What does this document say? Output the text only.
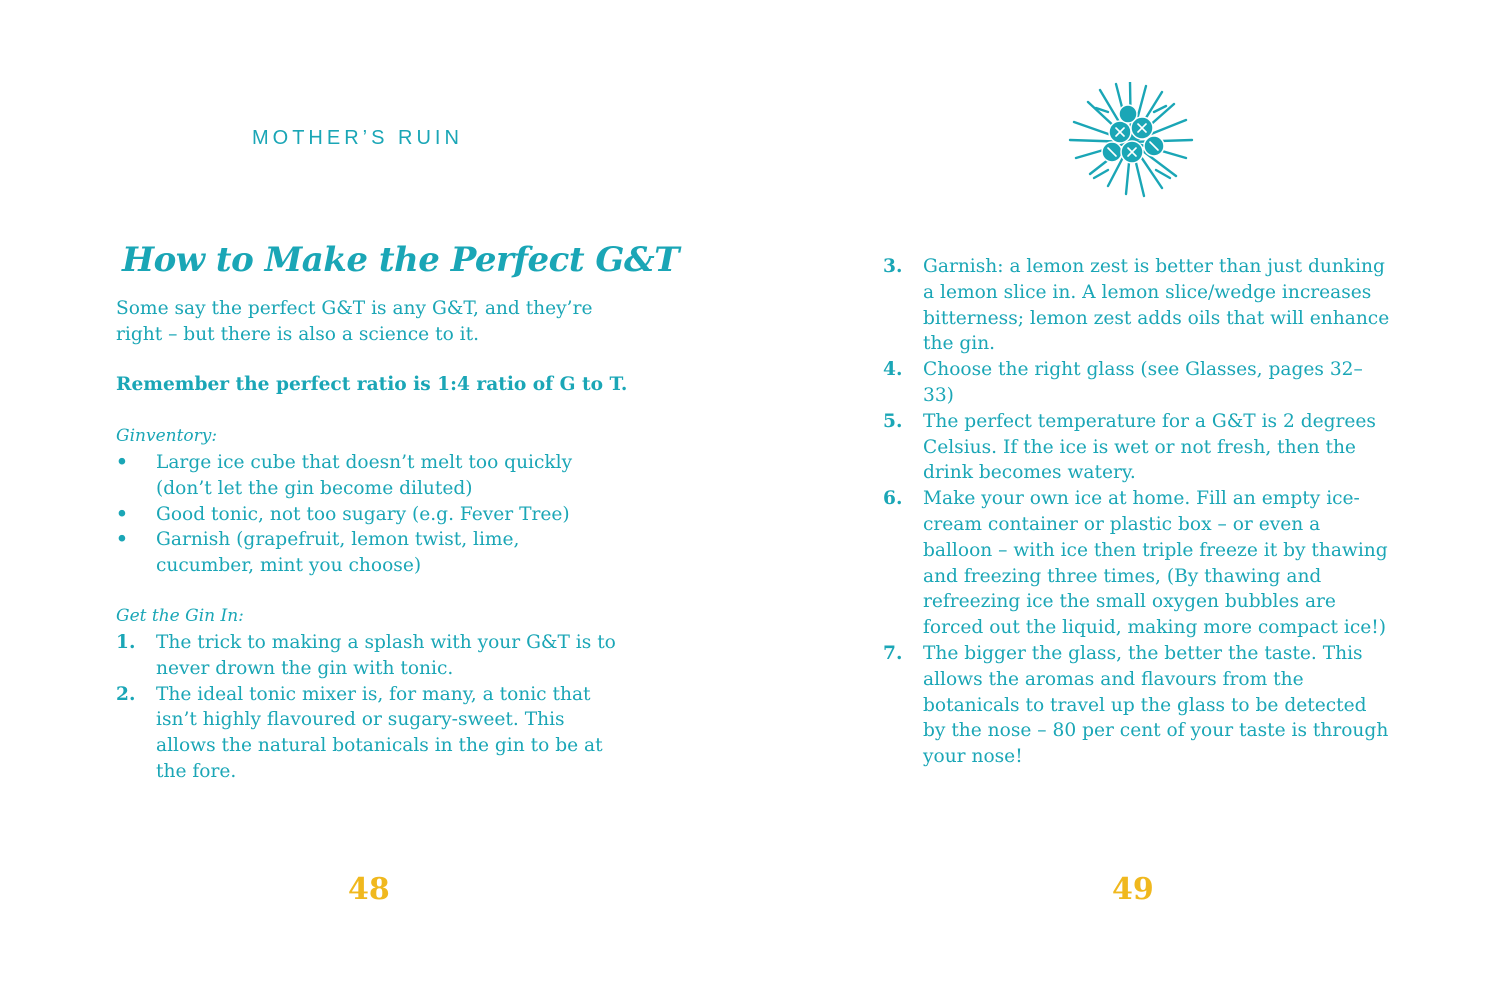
MOTHER’S RUIN
How to Make the Perfect G&T

Some say the perfect G&T is any G&T, and they’re right – but there is also a science to it.

Remember the perfect ratio is 1:4 ratio of G to T.

Ginventory:

• Large ice cube that doesn’t melt too quickly (don’t let the gin become diluted)
• Good tonic, not too sugary (e.g. Fever Tree)
• Garnish (grapefruit, lemon twist, lime, cucumber, mint you choose)

Get the Gin In:

1. The trick to making a splash with your G&T is to never drown the gin with tonic.
2. The ideal tonic mixer is, for many, a tonic that isn’t highly flavoured or sugary-sweet. This allows the natural botanicals in the gin to be at the fore.

48

3. Garnish: a lemon zest is better than just dunking a lemon slice in. A lemon slice/wedge increases bitterness; lemon zest adds oils that will enhance the gin.
4. Choose the right glass (see Glasses, pages 32–33)
5. The perfect temperature for a G&T is 2 degrees Celsius. If the ice is wet or not fresh, then the drink becomes watery.
6. Make your own ice at home. Fill an empty ice-cream container or plastic box – or even a balloon – with ice then triple freeze it by thawing and freezing three times, (By thawing and refreezing ice the small oxygen bubbles are forced out the liquid, making more compact ice!)
7. The bigger the glass, the better the taste. This allows the aromas and flavours from the botanicals to travel up the glass to be detected by the nose – 80 per cent of your taste is through your nose!

49
